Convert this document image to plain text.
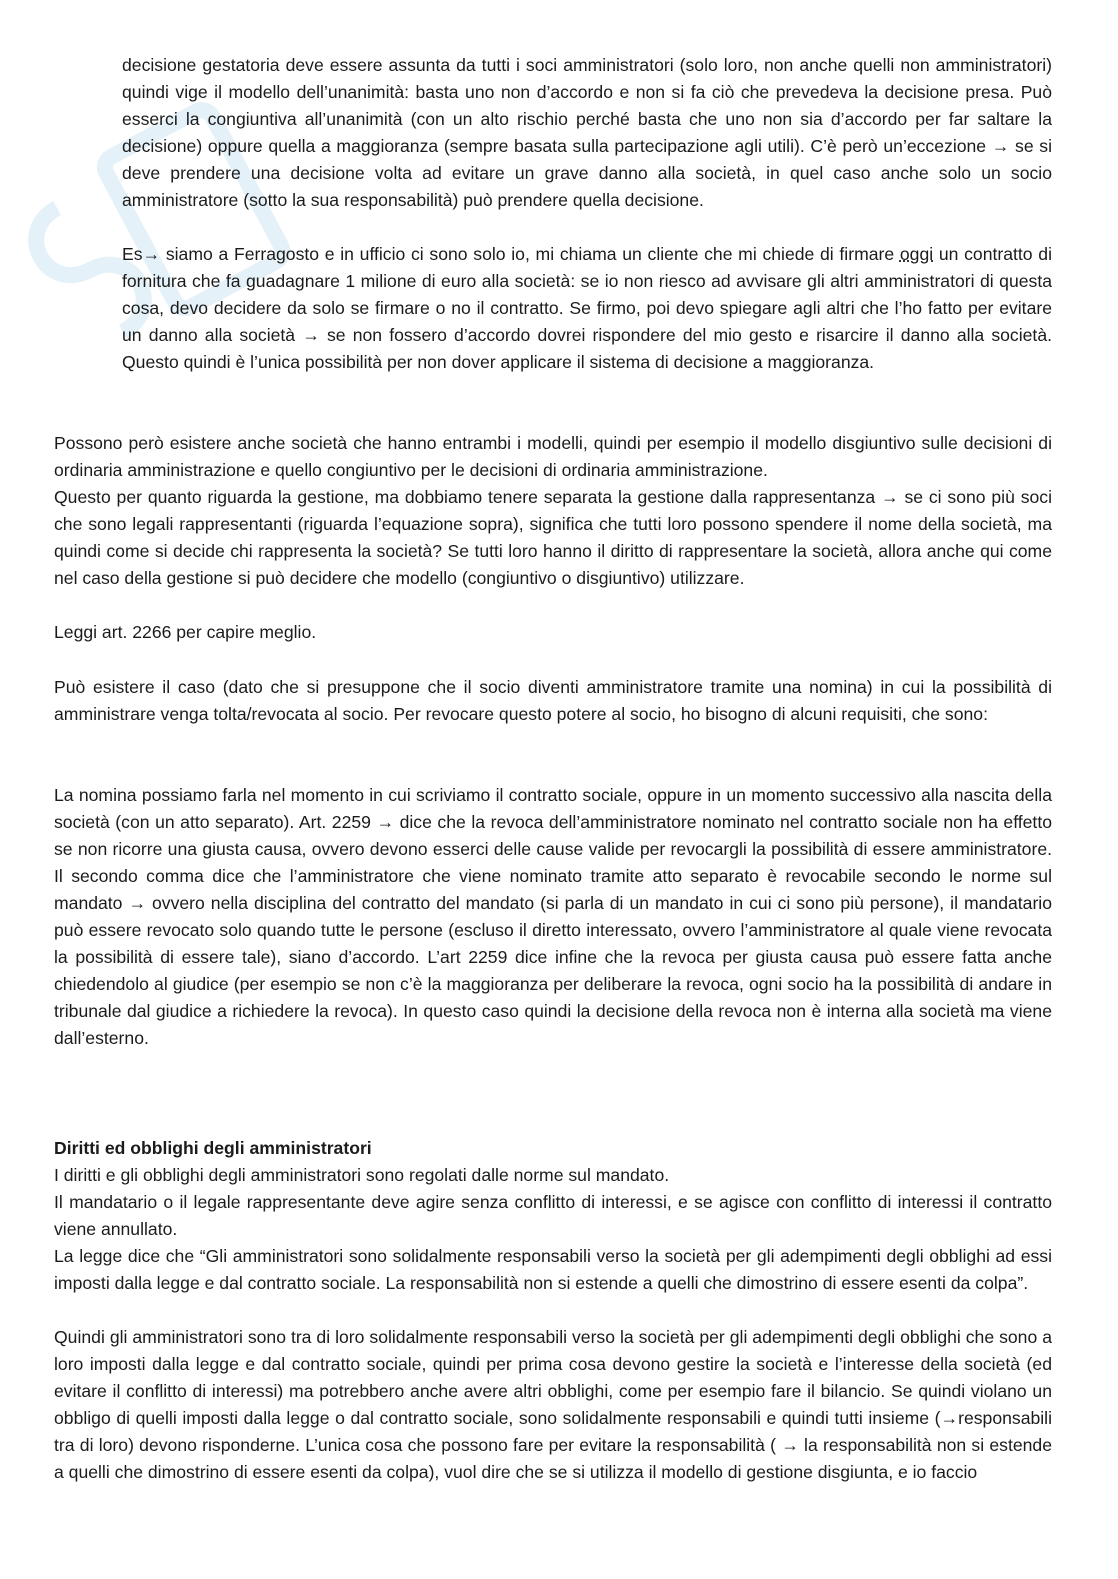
decisione gestatoria deve essere assunta da tutti i soci amministratori (solo loro, non anche quelli non amministratori) quindi vige il modello dell’unanimità: basta uno non d’accordo e non si fa ciò che prevedeva la decisione presa. Può esserci la congiuntiva all’unanimità (con un alto rischio perché basta che uno non sia d’accordo per far saltare la decisione) oppure quella a maggioranza (sempre basata sulla partecipazione agli utili). C’è però un’eccezione → se si deve prendere una decisione volta ad evitare un grave danno alla società, in quel caso anche solo un socio amministratore (sotto la sua responsabilità) può prendere quella decisione.

Es→ siamo a Ferragosto e in ufficio ci sono solo io, mi chiama un cliente che mi chiede di firmare oggi un contratto di fornitura che fa guadagnare 1 milione di euro alla società: se io non riesco ad avvisare gli altri amministratori di questa cosa, devo decidere da solo se firmare o no il contratto. Se firmo, poi devo spiegare agli altri che l’ho fatto per evitare un danno alla società → se non fossero d’accordo dovrei rispondere del mio gesto e risarcire il danno alla società. Questo quindi è l’unica possibilità per non dover applicare il sistema di decisione a maggioranza.

Possono però esistere anche società che hanno entrambi i modelli, quindi per esempio il modello disgiuntivo sulle decisioni di ordinaria amministrazione e quello congiuntivo per le decisioni di ordinaria amministrazione.

Questo per quanto riguarda la gestione, ma dobbiamo tenere separata la gestione dalla rappresentanza → se ci sono più soci che sono legali rappresentanti (riguarda l’equazione sopra), significa che tutti loro possono spendere il nome della società, ma quindi come si decide chi rappresenta la società? Se tutti loro hanno il diritto di rappresentare la società, allora anche qui come nel caso della gestione si può decidere che modello (congiuntivo o disgiuntivo) utilizzare.

Leggi art. 2266 per capire meglio.

Può esistere il caso (dato che si presuppone che il socio diventi amministratore tramite una nomina) in cui la possibilità di amministrare venga tolta/revocata al socio. Per revocare questo potere al socio, ho bisogno di alcuni requisiti, che sono:

La nomina possiamo farla nel momento in cui scriviamo il contratto sociale, oppure in un momento successivo alla nascita della società (con un atto separato). Art. 2259 → dice che la revoca dell’amministratore nominato nel contratto sociale non ha effetto se non ricorre una giusta causa, ovvero devono esserci delle cause valide per revocargli la possibilità di essere amministratore. Il secondo comma dice che l’amministratore che viene nominato tramite atto separato è revocabile secondo le norme sul mandato → ovvero nella disciplina del contratto del mandato (si parla di un mandato in cui ci sono più persone), il mandatario può essere revocato solo quando tutte le persone (escluso il diretto interessato, ovvero l’amministratore al quale viene revocata la possibilità di essere tale), siano d’accordo. L’art 2259 dice infine che la revoca per giusta causa può essere fatta anche chiedendolo al giudice (per esempio se non c’è la maggioranza per deliberare la revoca, ogni socio ha la possibilità di andare in tribunale dal giudice a richiedere la revoca). In questo caso quindi la decisione della revoca non è interna alla società ma viene dall’esterno.

Diritti ed obblighi degli amministratori

I diritti e gli obblighi degli amministratori sono regolati dalle norme sul mandato.

Il mandatario o il legale rappresentante deve agire senza conflitto di interessi, e se agisce con conflitto di interessi il contratto viene annullato.

La legge dice che “Gli amministratori sono solidalmente responsabili verso la società per gli adempimenti degli obblighi ad essi imposti dalla legge e dal contratto sociale. La responsabilità non si estende a quelli che dimostrino di essere esenti da colpa”.

Quindi gli amministratori sono tra di loro solidalmente responsabili verso la società per gli adempimenti degli obblighi che sono a loro imposti dalla legge e dal contratto sociale, quindi per prima cosa devono gestire la società e l’interesse della società (ed evitare il conflitto di interessi) ma potrebbero anche avere altri obblighi, come per esempio fare il bilancio. Se quindi violano un obbligo di quelli imposti dalla legge o dal contratto sociale, sono solidalmente responsabili e quindi tutti insieme (→responsabili tra di loro) devono risponderne. L’unica cosa che possono fare per evitare la responsabilità ( → la responsabilità non si estende a quelli che dimostrino di essere esenti da colpa), vuol dire che se si utilizza il modello di gestione disgiunta, e io faccio
